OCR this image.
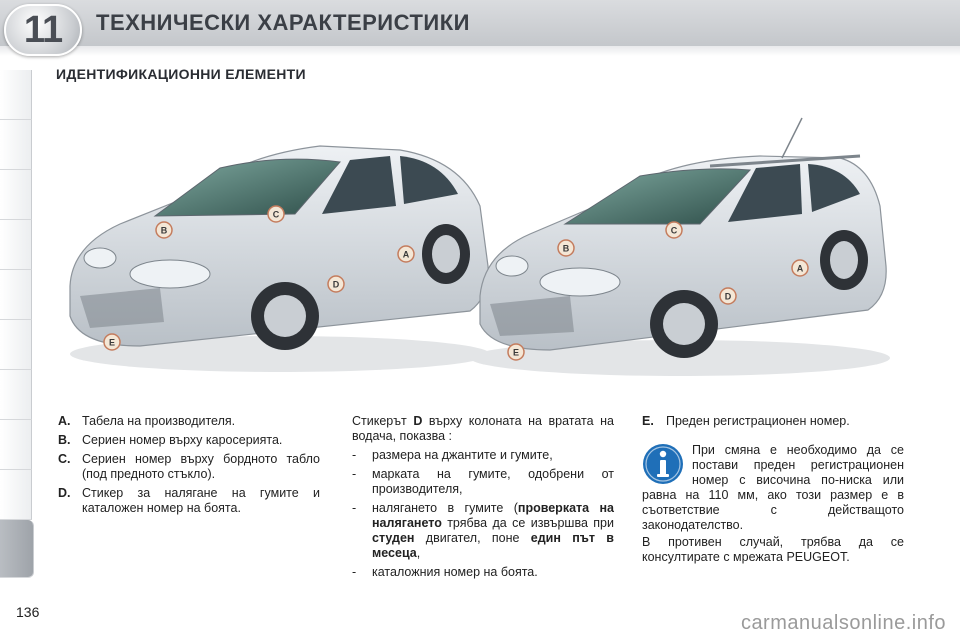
11	ТЕХНИЧЕСКИ ХАРАКТЕРИСТИКИ
ИДЕНТИФИКАЦИОННИ ЕЛЕМЕНТИ
C
B
A
D
E
C
B
A
D
E
A. Табела на производителя.
B. Сериен номер върху каросерията.
C. Сериен номер върху бордното табло (под предното стъкло).
D. Стикер за налягане на гумите и каталожен номер на боята.
Стикерът D върху колоната на вратата на водача, показва :
-	размера на джантите и гумите,
-	марката на гумите, одобрени от производителя,
-	налягането в гумите (проверката на налягането трябва да се извършва при студен двигател, поне един път в месеца,
-	каталожния номер на боята.
E. Преден регистрационен номер.
При смяна е необходимо да се постави преден регистрационен номер с височина по-ниска или равна на 110 мм, ако този размер е в съответствие с действащото законодателство.
В противен случай, трябва да се консултирате с мрежата PEUGEOT.
136	carmanualsonline.info
